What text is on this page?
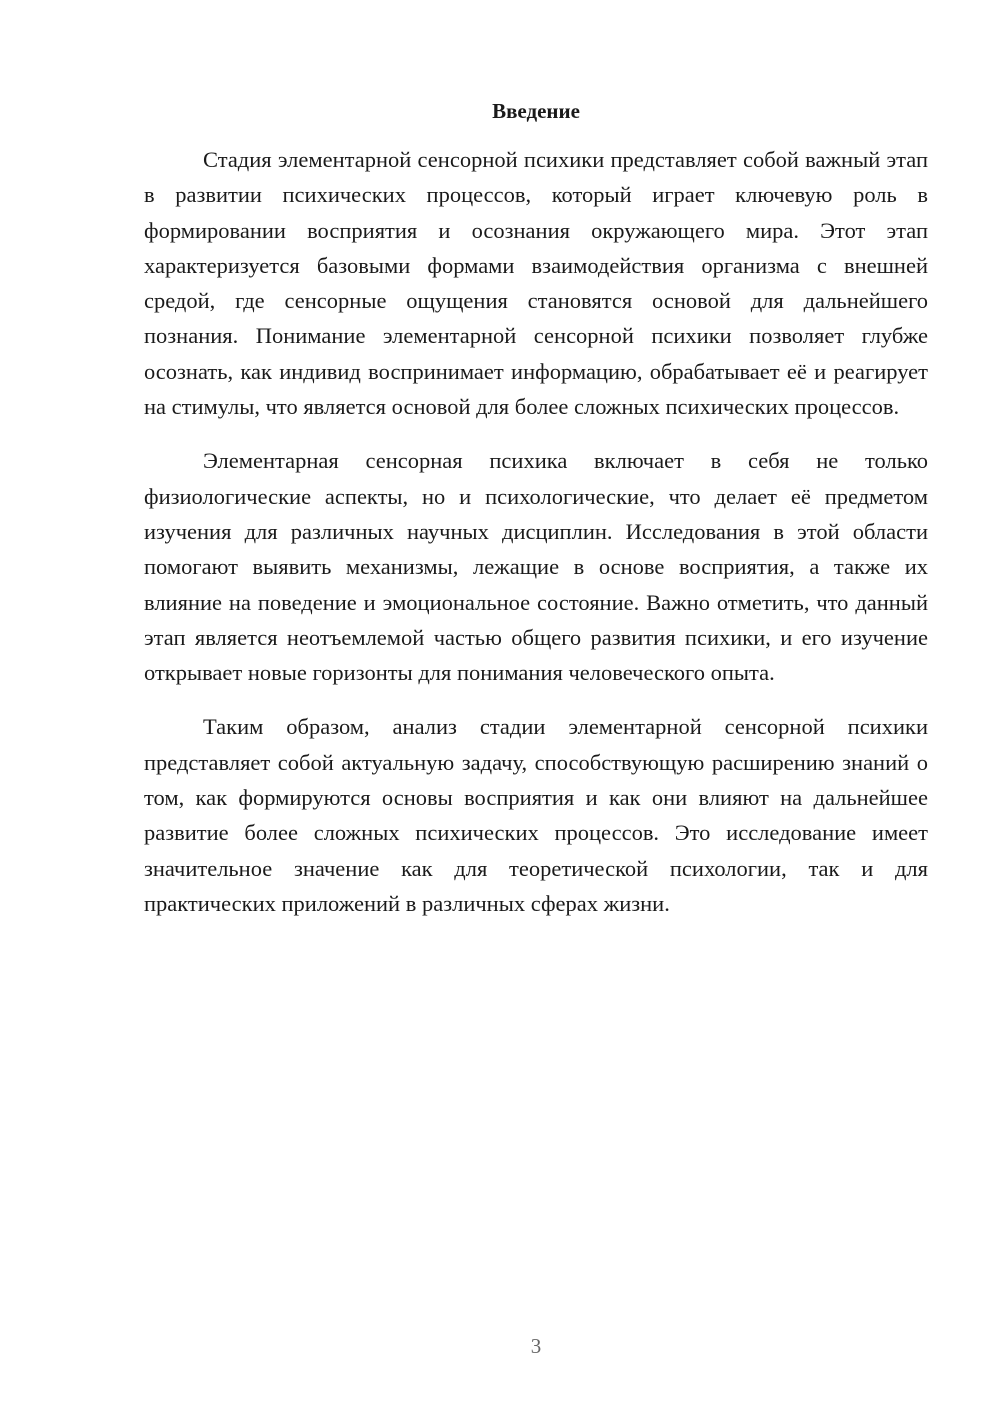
Введение

Стадия элементарной сенсорной психики представляет собой важный этап в развитии психических процессов, который играет ключевую роль в формировании восприятия и осознания окружающего мира. Этот этап характеризуется базовыми формами взаимодействия организма с внешней средой, где сенсорные ощущения становятся основой для дальнейшего познания. Понимание элементарной сенсорной психики позволяет глубже осознать, как индивид воспринимает информацию, обрабатывает её и реагирует на стимулы, что является основой для более сложных психических процессов.

Элементарная сенсорная психика включает в себя не только физиологические аспекты, но и психологические, что делает её предметом изучения для различных научных дисциплин. Исследования в этой области помогают выявить механизмы, лежащие в основе восприятия, а также их влияние на поведение и эмоциональное состояние. Важно отметить, что данный этап является неотъемлемой частью общего развития психики, и его изучение открывает новые горизонты для понимания человеческого опыта.

Таким образом, анализ стадии элементарной сенсорной психики представляет собой актуальную задачу, способствующую расширению знаний о том, как формируются основы восприятия и как они влияют на дальнейшее развитие более сложных психических процессов. Это исследование имеет значительное значение как для теоретической психологии, так и для практических приложений в различных сферах жизни.

3
